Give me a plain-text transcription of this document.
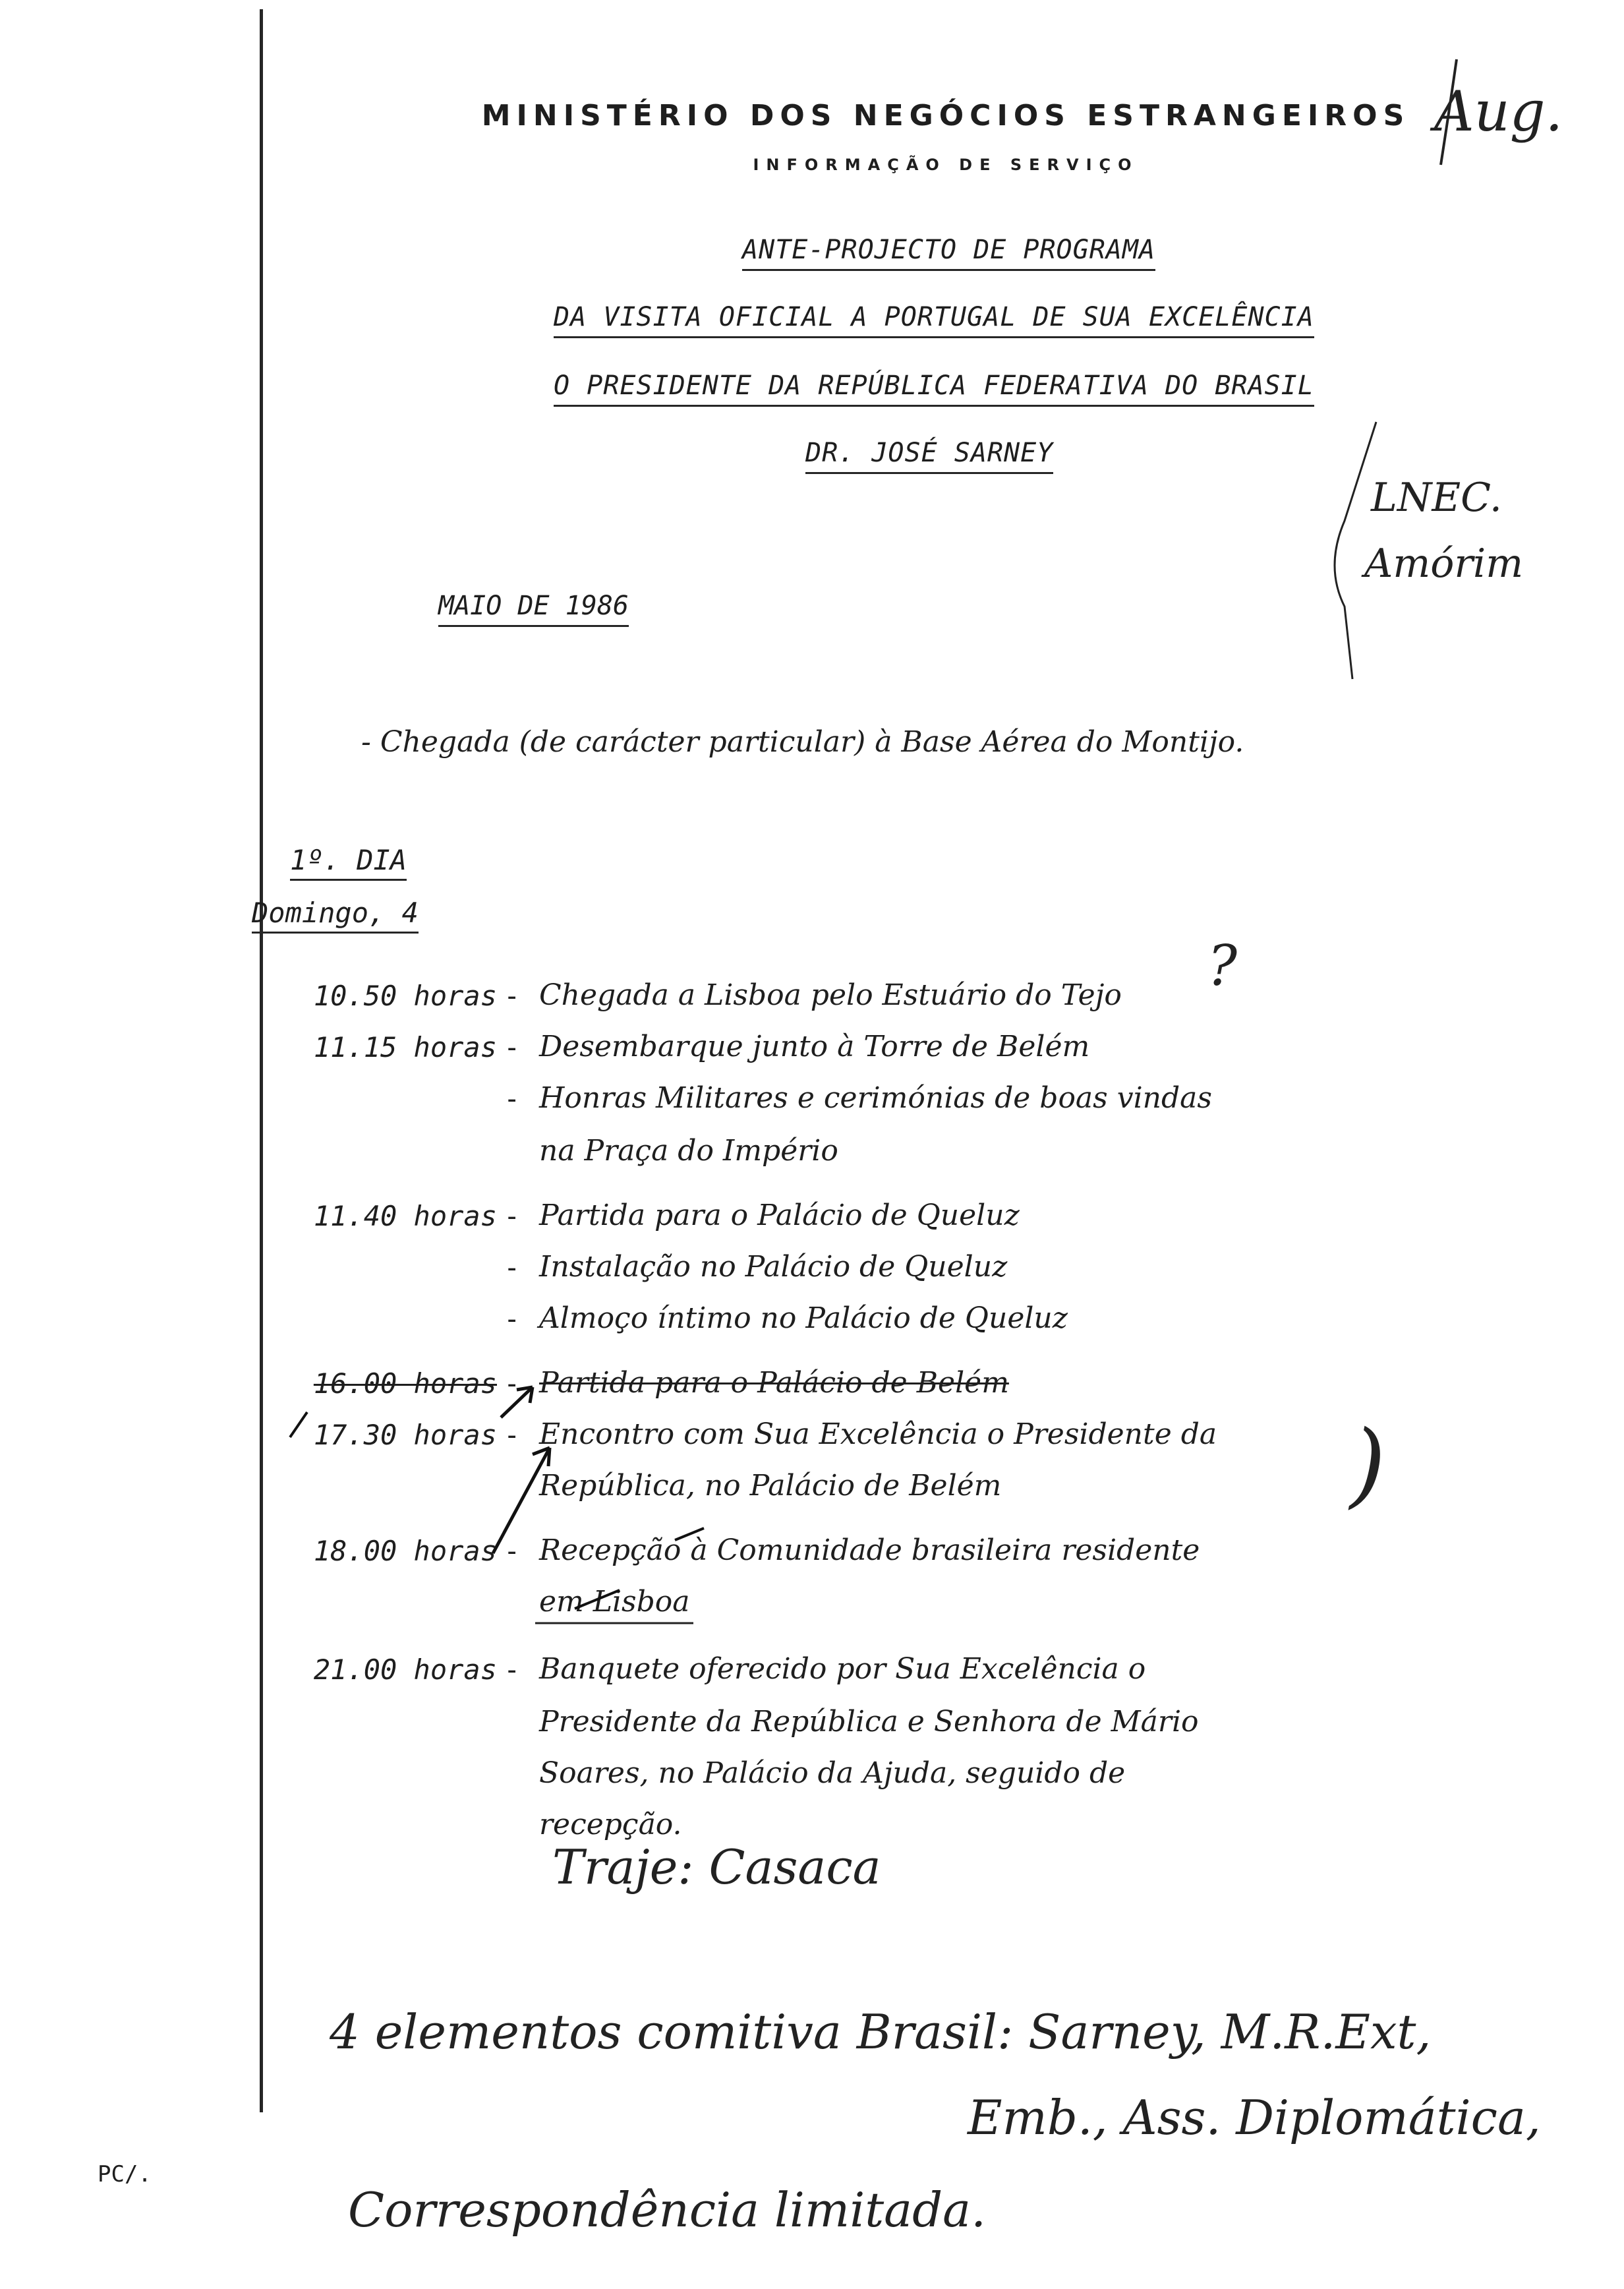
MINISTÉRIO DOS NEGÓCIOS ESTRANGEIROS
INFORMAÇÃO DE SERVIÇO
ANTE-PROJECTO DE PROGRAMA
DA VISITA OFICIAL A PORTUGAL DE SUA EXCELÊNCIA
O PRESIDENTE DA REPÚBLICA FEDERATIVA DO BRASIL
DR. JOSÉ SARNEY
MAIO DE 1986
- Chegada (de carácter particular) à Base Aérea do Montijo.
1º. DIA
Domingo, 4
10.50 horas - Chegada a Lisboa pelo Estuário do Tejo
11.15 horas - Desembarque junto à Torre de Belém
- Honras Militares e cerimónias de boas vindas
na Praça do Império
11.40 horas - Partida para o Palácio de Queluz
- Instalação no Palácio de Queluz
- Almoço íntimo no Palácio de Queluz
16.00 horas - Partida para o Palácio de Belém
17.30 horas - Encontro com Sua Excelência o Presidente da
República, no Palácio de Belém
18.00 horas - Recepção à Comunidade brasileira residente
em Lisboa
21.00 horas - Banquete oferecido por Sua Excelência o
Presidente da República e Senhora de Mário
Soares, no Palácio da Ajuda, seguido de
recepção.
Aug.
LNEC.
Amórim
?
)
Traje: Casaca
4 elementos comitiva Brasil: Sarney, M.R.Ext,
Emb., Ass. Diplomática,
Correspondência limitada.
PC/.
